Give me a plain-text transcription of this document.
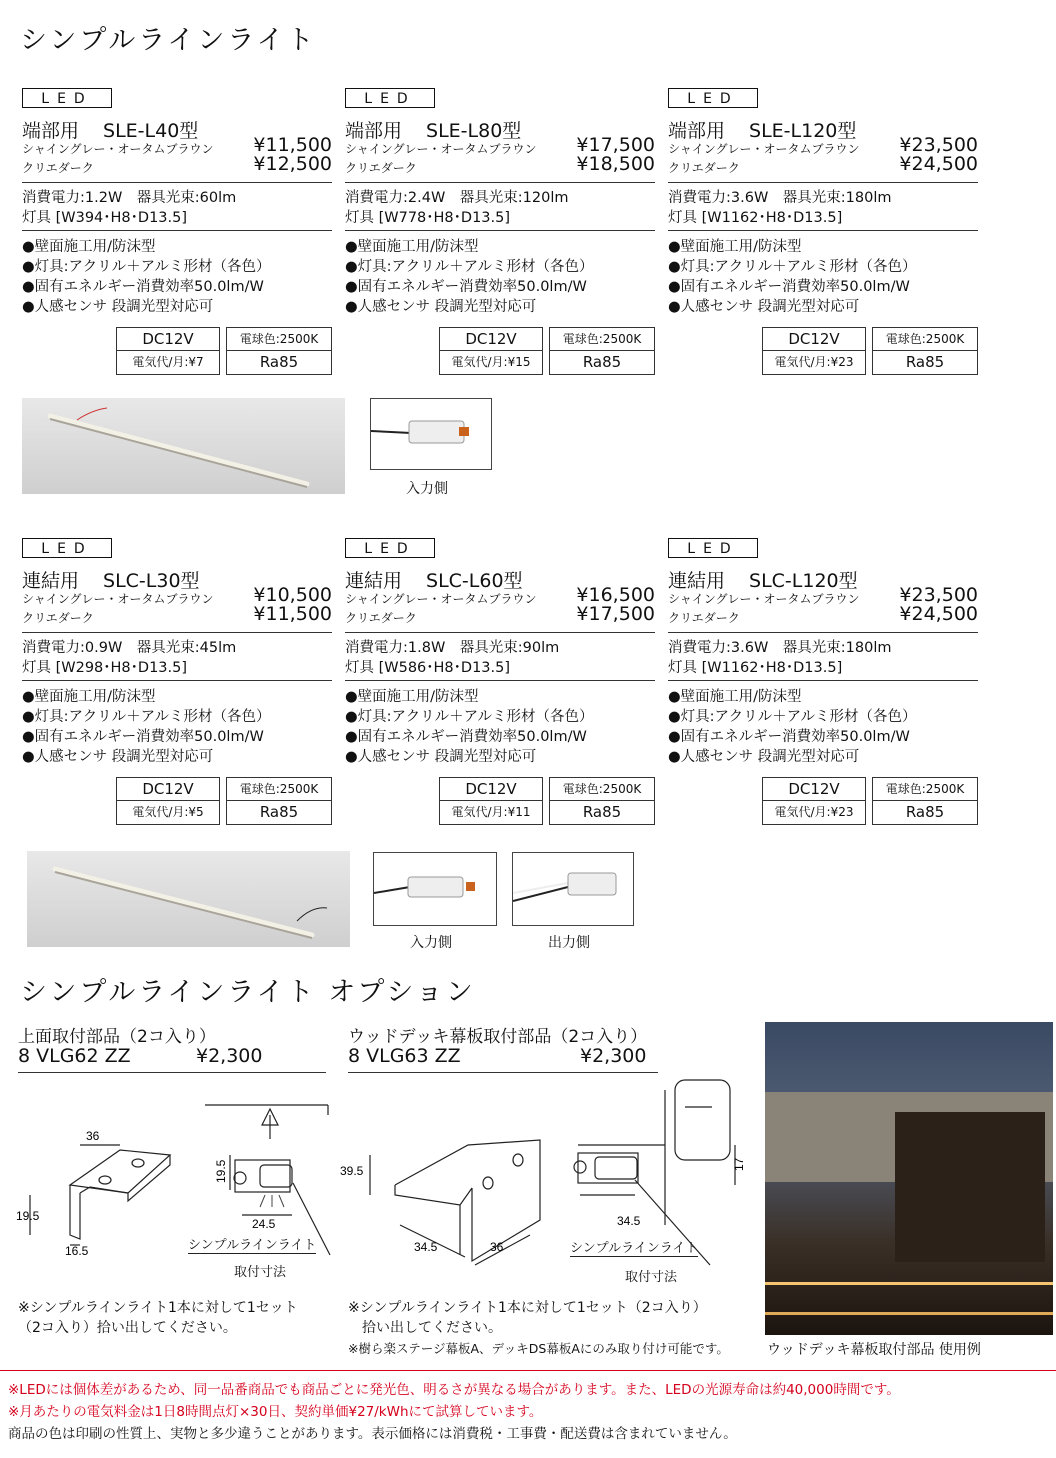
シンプルラインライト
LED
端部用 SLE-L40型
シャイングレー・オータムブラウン ¥11,500
クリエダーク	¥12,500
消費電力:1.2W　器具光束:60lm
灯具 [W394･H8･D13.5]
●壁面施工用/防沫型
●灯具:アクリル＋アルミ形材（各色）
●固有エネルギー消費効率50.0lm/W
●人感センサ 段調光型対応可
DC12V
電気代/月:¥7
電球色:2500K
Ra85
LED
端部用 SLE-L80型
シャイングレー・オータムブラウン ¥17,500
クリエダーク	¥18,500
消費電力:2.4W　器具光束:120lm
灯具 [W778･H8･D13.5]
●壁面施工用/防沫型
●灯具:アクリル＋アルミ形材（各色）
●固有エネルギー消費効率50.0lm/W
●人感センサ 段調光型対応可
DC12V
電気代/月:¥15
電球色:2500K
Ra85
LED
端部用 SLE-L120型
シャイングレー・オータムブラウン ¥23,500
クリエダーク	¥24,500
消費電力:3.6W　器具光束:180lm
灯具 [W1162･H8･D13.5]
●壁面施工用/防沫型
●灯具:アクリル＋アルミ形材（各色）
●固有エネルギー消費効率50.0lm/W
●人感センサ 段調光型対応可
DC12V
電気代/月:¥23
電球色:2500K
Ra85
LED
連結用 SLC-L30型
シャイングレー・オータムブラウン ¥10,500
クリエダーク	¥11,500
消費電力:0.9W　器具光束:45lm
灯具 [W298･H8･D13.5]
●壁面施工用/防沫型
●灯具:アクリル＋アルミ形材（各色）
●固有エネルギー消費効率50.0lm/W
●人感センサ 段調光型対応可
DC12V
電気代/月:¥5
電球色:2500K
Ra85
LED
連結用 SLC-L60型
シャイングレー・オータムブラウン ¥16,500
クリエダーク	¥17,500
消費電力:1.8W　器具光束:90lm
灯具 [W586･H8･D13.5]
●壁面施工用/防沫型
●灯具:アクリル＋アルミ形材（各色）
●固有エネルギー消費効率50.0lm/W
●人感センサ 段調光型対応可
DC12V
電気代/月:¥11
電球色:2500K
Ra85
LED
連結用 SLC-L120型
シャイングレー・オータムブラウン ¥23,500
クリエダーク	¥24,500
消費電力:3.6W　器具光束:180lm
灯具 [W1162･H8･D13.5]
●壁面施工用/防沫型
●灯具:アクリル＋アルミ形材（各色）
●固有エネルギー消費効率50.0lm/W
●人感センサ 段調光型対応可
DC12V
電気代/月:¥23
電球色:2500K
Ra85
入力側
入力側	出力側
シンプルラインライト オプション
上面取付部品（2コ入り）
8 VLG62 ZZ	¥2,300
ウッドデッキ幕板取付部品（2コ入り）
8 VLG63 ZZ	¥2,300
36
19.5
16.5
19.5
24.5
シンプルラインライト
取付寸法
39.5
34.5	36
17
34.5
シンプルラインライト
取付寸法
ウッドデッキ幕板取付部品 使用例
※シンプルラインライト1本に対して1セット
（2コ入り）拾い出してください。
※シンプルラインライト1本に対して1セット（2コ入り）
拾い出してください。
※樹ら楽ステージ幕板A、デッキDS幕板Aにのみ取り付け可能です。
※LEDには個体差があるため、同一品番商品でも商品ごとに発光色、明るさが異なる場合があります。また、LEDの光源寿命は約40,000時間です。
※月あたりの電気料金は1日8時間点灯×30日、契約単価¥27/kWhにて試算しています。
商品の色は印刷の性質上、実物と多少違うことがあります。表示価格には消費税・工事費・配送費は含まれていません。
